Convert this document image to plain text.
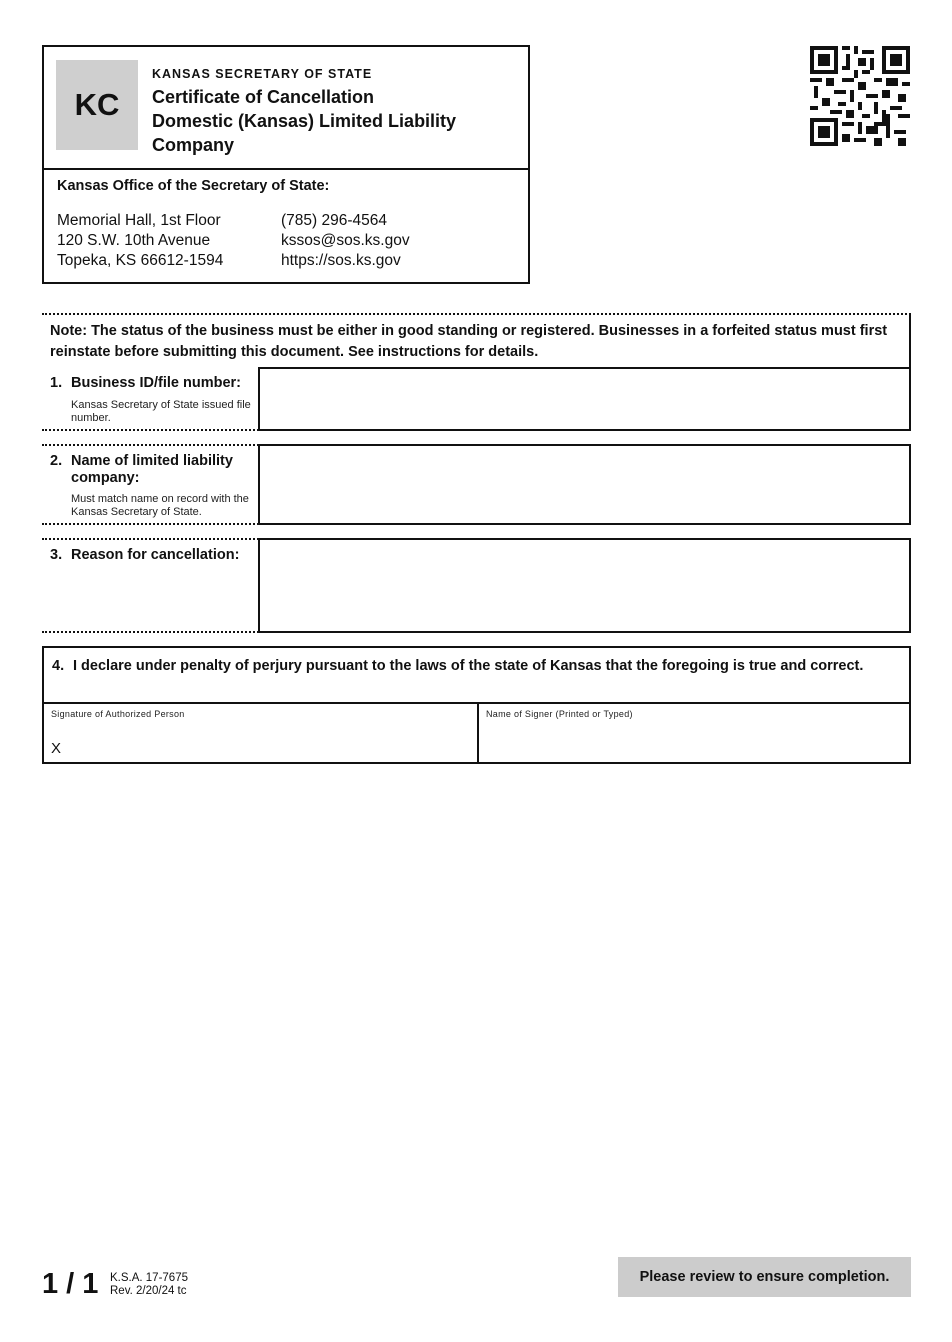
KC
KANSAS SECRETARY OF STATE
Certificate of Cancellation
Domestic (Kansas) Limited Liability
Company
Kansas Office of the Secretary of State:
Memorial Hall, 1st Floor
120 S.W. 10th Avenue
Topeka, KS 66612-1594
(785) 296-4564
kssos@sos.ks.gov
https://sos.ks.gov
Note: The status of the business must be either in good standing or registered. Businesses in a forfeited status must first reinstate before submitting this document. See instructions for details.
1. Business ID/file number:
Kansas Secretary of State issued file number.
2. Name of limited liability company:
Must match name on record with the Kansas Secretary of State.
3. Reason for cancellation:
4. I declare under penalty of perjury pursuant to the laws of the state of Kansas that the foregoing is true and correct.
Signature of Authorized Person
X
Name of Signer (Printed or Typed)
1 / 1 K.S.A. 17-7675
Rev. 2/20/24 tc
Please review to ensure completion.
